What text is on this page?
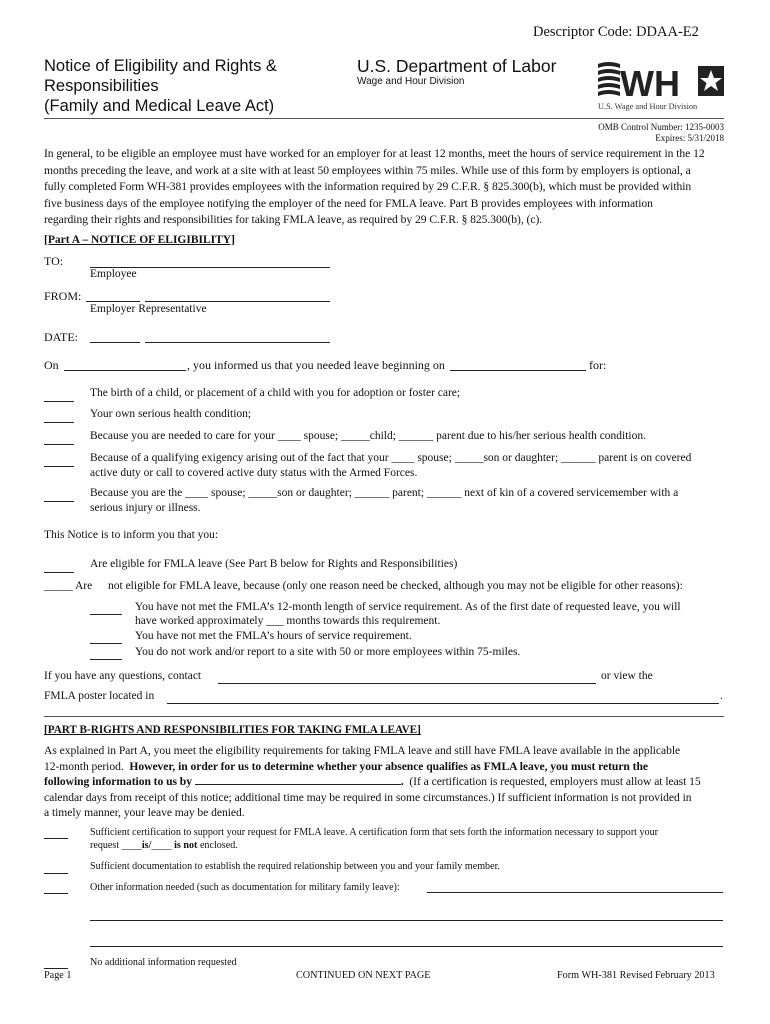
Descriptor Code: DDAA-E2
Notice of Eligibility and Rights &
Responsibilities
(Family and Medical Leave Act)
U.S. Department of Labor
Wage and Hour Division	WH
U.S. Wage and Hour Division
OMB Control Number: 1235-0003
Expires: 5/31/2018
In general, to be eligible an employee must have worked for an employer for at least 12 months, meet the hours of service requirement in the 12
months preceding the leave, and work at a site with at least 50 employees within 75 miles. While use of this form by employers is optional, a
fully completed Form WH-381 provides employees with the information required by 29 C.F.R. § 825.300(b), which must be provided within
five business days of the employee notifying the employer of the need for FMLA leave. Part B provides employees with information
regarding their rights and responsibilities for taking FMLA leave, as required by 29 C.F.R. § 825.300(b), (c).
[Part A – NOTICE OF ELIGIBILITY]
TO:
Employee
FROM:
Employer Representative
DATE:
On	, you informed us that you needed leave beginning on	for:
The birth of a child, or placement of a child with you for adoption or foster care;
Your own serious health condition;
Because you are needed to care for your ____ spouse; _____child; ______ parent due to his/her serious health condition.
Because of a qualifying exigency arising out of the fact that your ____ spouse; _____son or daughter; ______ parent is on covered
active duty or call to covered active duty status with the Armed Forces.
Because you are the ____ spouse; _____son or daughter; ______ parent; ______ next of kin of a covered servicemember with a
serious injury or illness.
This Notice is to inform you that you:
Are eligible for FMLA leave (See Part B below for Rights and Responsibilities)
_____ Are not eligible for FMLA leave, because (only one reason need be checked, although you may not be eligible for other reasons):
You have not met the FMLA’s 12-month length of service requirement. As of the first date of requested leave, you will
have worked approximately ___ months towards this requirement.
You have not met the FMLA’s hours of service requirement.
You do not work and/or report to a site with 50 or more employees within 75-miles.
If you have any questions, contact	or view the
FMLA poster located in	.
[PART B-RIGHTS AND RESPONSIBILITIES FOR TAKING FMLA LEAVE]
As explained in Part A, you meet the eligibility requirements for taking FMLA leave and still have FMLA leave available in the applicable
12-month period. However, in order for us to determine whether your absence qualifies as FMLA leave, you must return the
following information to us by	. (If a certification is requested, employers must allow at least 15
calendar days from receipt of this notice; additional time may be required in some circumstances.) If sufficient information is not provided in
a timely manner, your leave may be denied.
Sufficient certification to support your request for FMLA leave. A certification form that sets forth the information necessary to support your
request ____is/____ is not enclosed.
Sufficient documentation to establish the required relationship between you and your family member.
Other information needed (such as documentation for military family leave):
No additional information requested
Page 1	CONTINUED ON NEXT PAGE	Form WH-381 Revised February 2013
